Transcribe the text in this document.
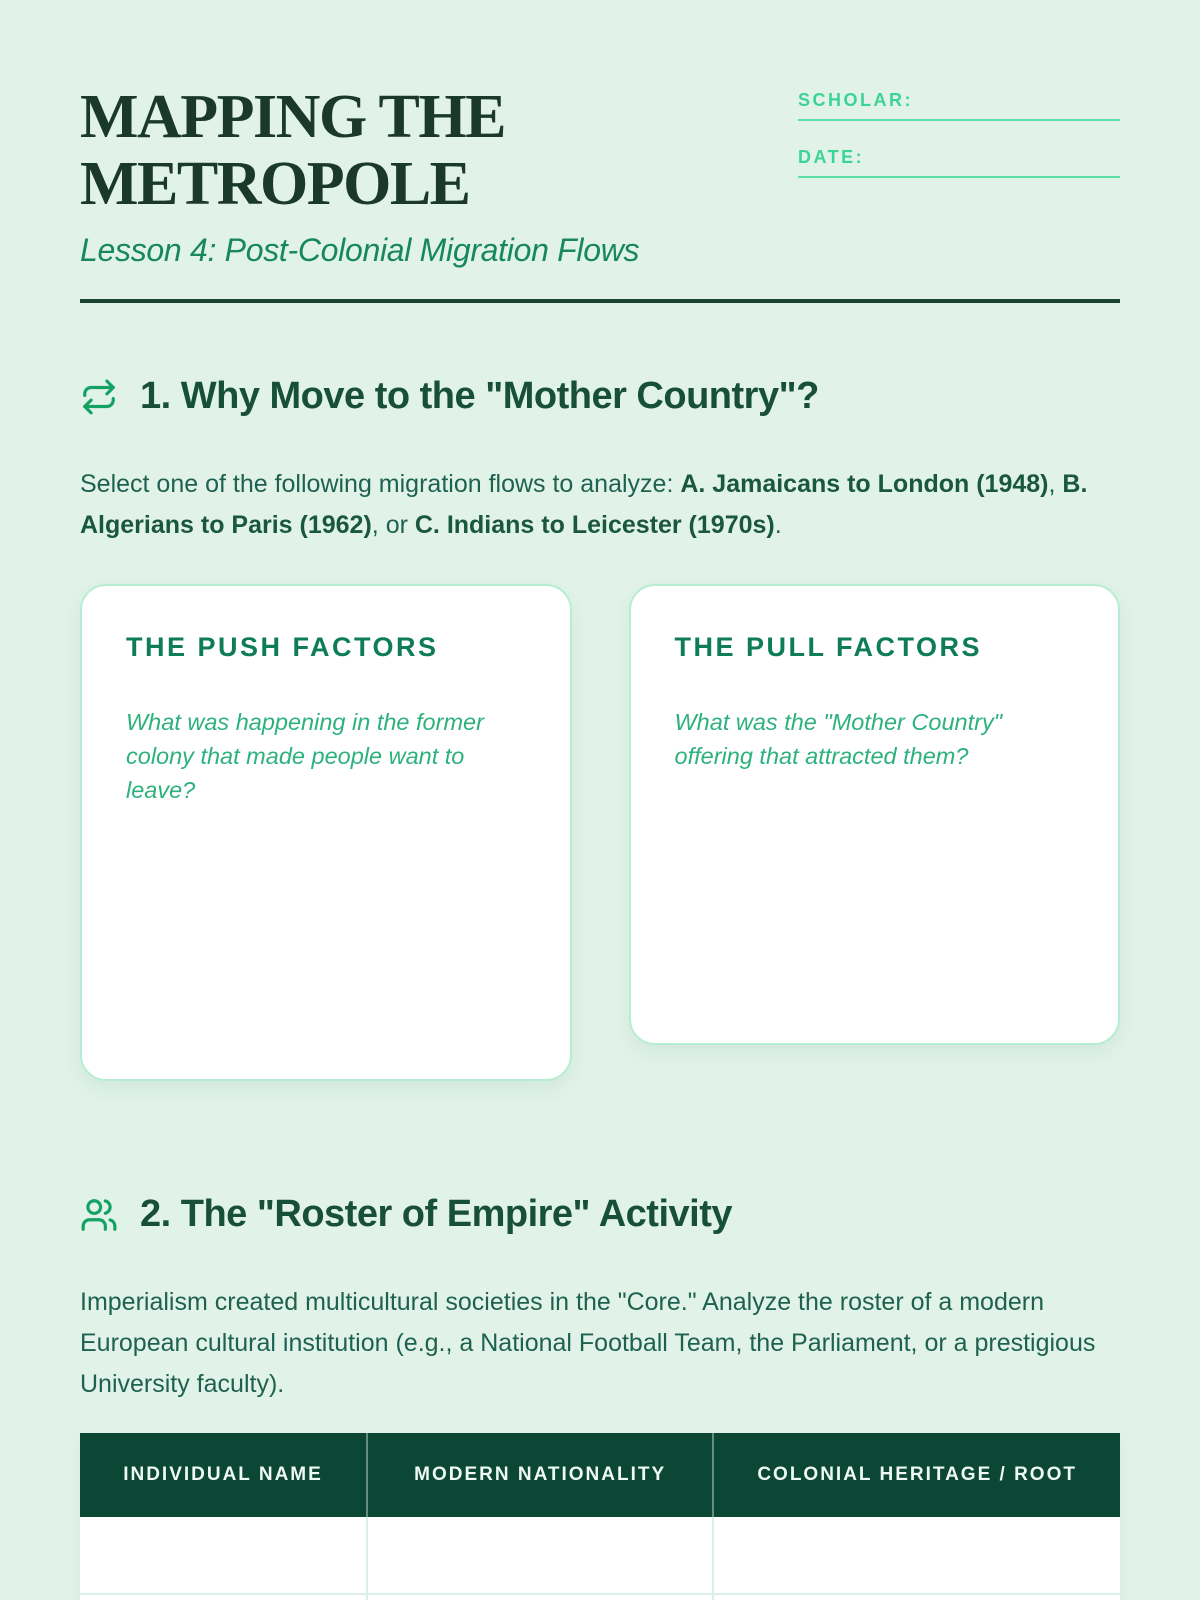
MAPPING THE
METROPOLE
Lesson 4: Post-Colonial Migration Flows
SCHOLAR:
DATE:
1. Why Move to the "Mother Country"?

Select one of the following migration flows to analyze: A. Jamaicans to London (1948), B. Algerians to Paris (1962), or C. Indians to Leicester (1970s).

THE PUSH FACTORS
What was happening in the former colony that made people want to leave?
THE PULL FACTORS
What was the "Mother Country" offering that attracted them?
2. The "Roster of Empire" Activity

Imperialism created multicultural societies in the "Core." Analyze the roster of a modern European cultural institution (e.g., a National Football Team, the Parliament, or a prestigious University faculty).

INDIVIDUAL NAME	MODERN NATIONALITY	COLONIAL HERITAGE / ROOT
